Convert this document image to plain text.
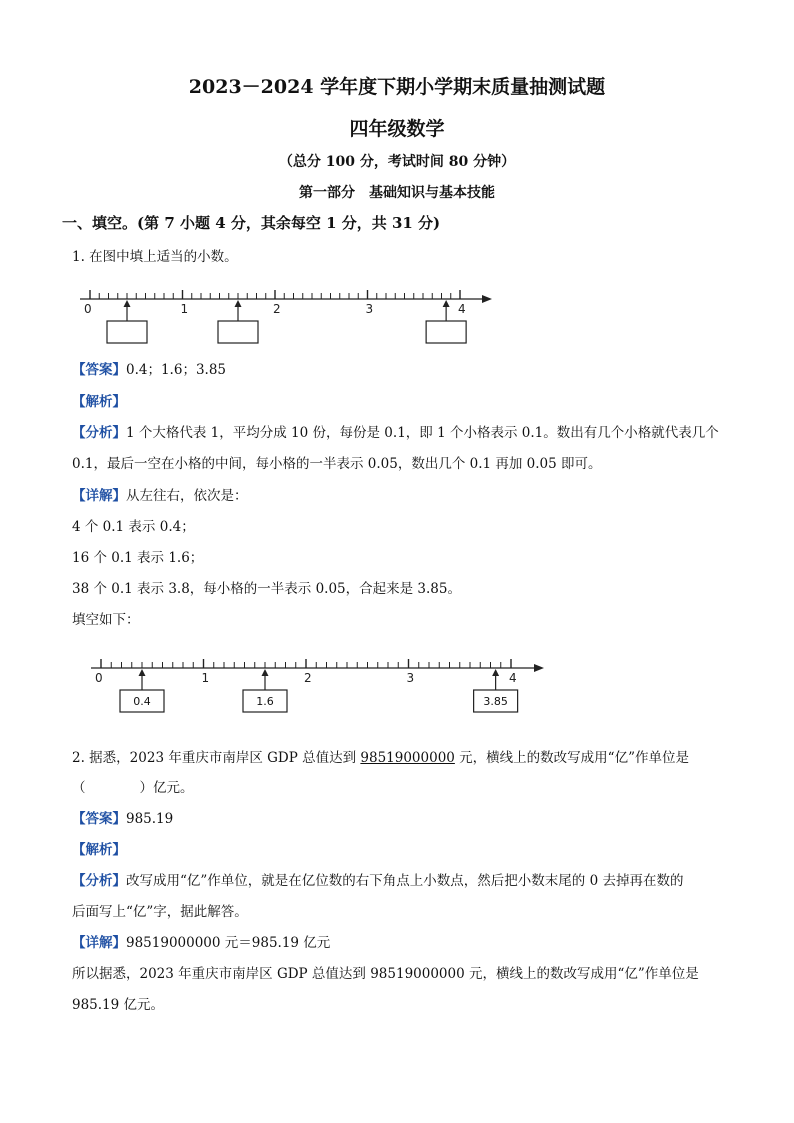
2023－2024 学年度下期小学期末质量抽测试题
四年级数学
（总分 100 分，考试时间 80 分钟）
第一部分　基础知识与基本技能
一、填空。(第 7 小题 4 分，其余每空 1 分，共 31 分)
1. 在图中填上适当的小数。
0	1	2	3	4
0	1	2	3	4
0.4	1.6	3.85
【答案】0.4；1.6；3.85
【解析】
【分析】1 个大格代表 1，平均分成 10 份，每份是 0.1，即 1 个小格表示 0.1。数出有几个小格就代表几个
0.1，最后一空在小格的中间，每小格的一半表示 0.05，数出几个 0.1 再加 0.05 即可。
【详解】从左往右，依次是：
4 个 0.1 表示 0.4；
16 个 0.1 表示 1.6；
38 个 0.1 表示 3.8，每小格的一半表示 0.05，合起来是 3.85。
填空如下：
2. 据悉，2023 年重庆市南岸区 GDP 总值达到 98519000000 元，横线上的数改写成用“亿”作单位是
（　　　　）亿元。
【答案】985.19
【解析】
【分析】改写成用“亿”作单位，就是在亿位数的右下角点上小数点，然后把小数末尾的 0 去掉再在数的
后面写上“亿”字，据此解答。
【详解】98519000000 元＝985.19 亿元
所以据悉，2023 年重庆市南岸区 GDP 总值达到 98519000000 元，横线上的数改写成用“亿”作单位是
985.19 亿元。
